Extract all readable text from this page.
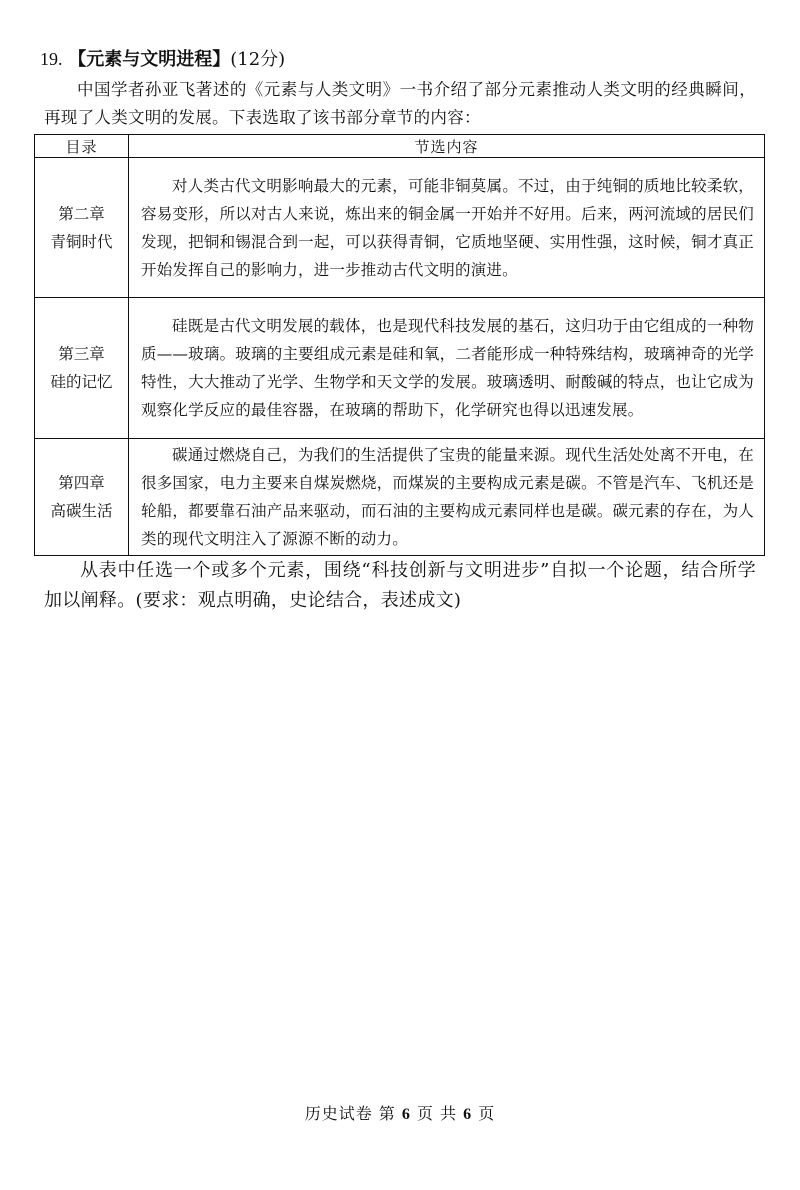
19. 【元素与文明进程】(12分)
中国学者孙亚飞著述的《元素与人类文明》一书介绍了部分元素推动人类文明的经典瞬间，再现了人类文明的发展。下表选取了该书部分章节的内容：
目录	节选内容

第二章
青铜时代	对人类古代文明影响最大的元素，可能非铜莫属。不过，由于纯铜的质地比较柔软，容易变形，所以对古人来说，炼出来的铜金属一开始并不好用。后来，两河流域的居民们发现，把铜和锡混合到一起，可以获得青铜，它质地坚硬、实用性强，这时候，铜才真正开始发挥自己的影响力，进一步推动古代文明的演进。

第三章
硅的记忆	硅既是古代文明发展的载体，也是现代科技发展的基石，这归功于由它组成的一种物质——玻璃。玻璃的主要组成元素是硅和氧，二者能形成一种特殊结构，玻璃神奇的光学特性，大大推动了光学、生物学和天文学的发展。玻璃透明、耐酸碱的特点，也让它成为观察化学反应的最佳容器，在玻璃的帮助下，化学研究也得以迅速发展。

第四章
高碳生活	碳通过燃烧自己，为我们的生活提供了宝贵的能量来源。现代生活处处离不开电，在很多国家，电力主要来自煤炭燃烧，而煤炭的主要构成元素是碳。不管是汽车、飞机还是轮船，都要靠石油产品来驱动，而石油的主要构成元素同样也是碳。碳元素的存在，为人类的现代文明注入了源源不断的动力。
从表中任选一个或多个元素，围绕“科技创新与文明进步”自拟一个论题，结合所学加以阐释。(要求：观点明确，史论结合，表述成文)
历史试卷 第 6 页 共 6 页
